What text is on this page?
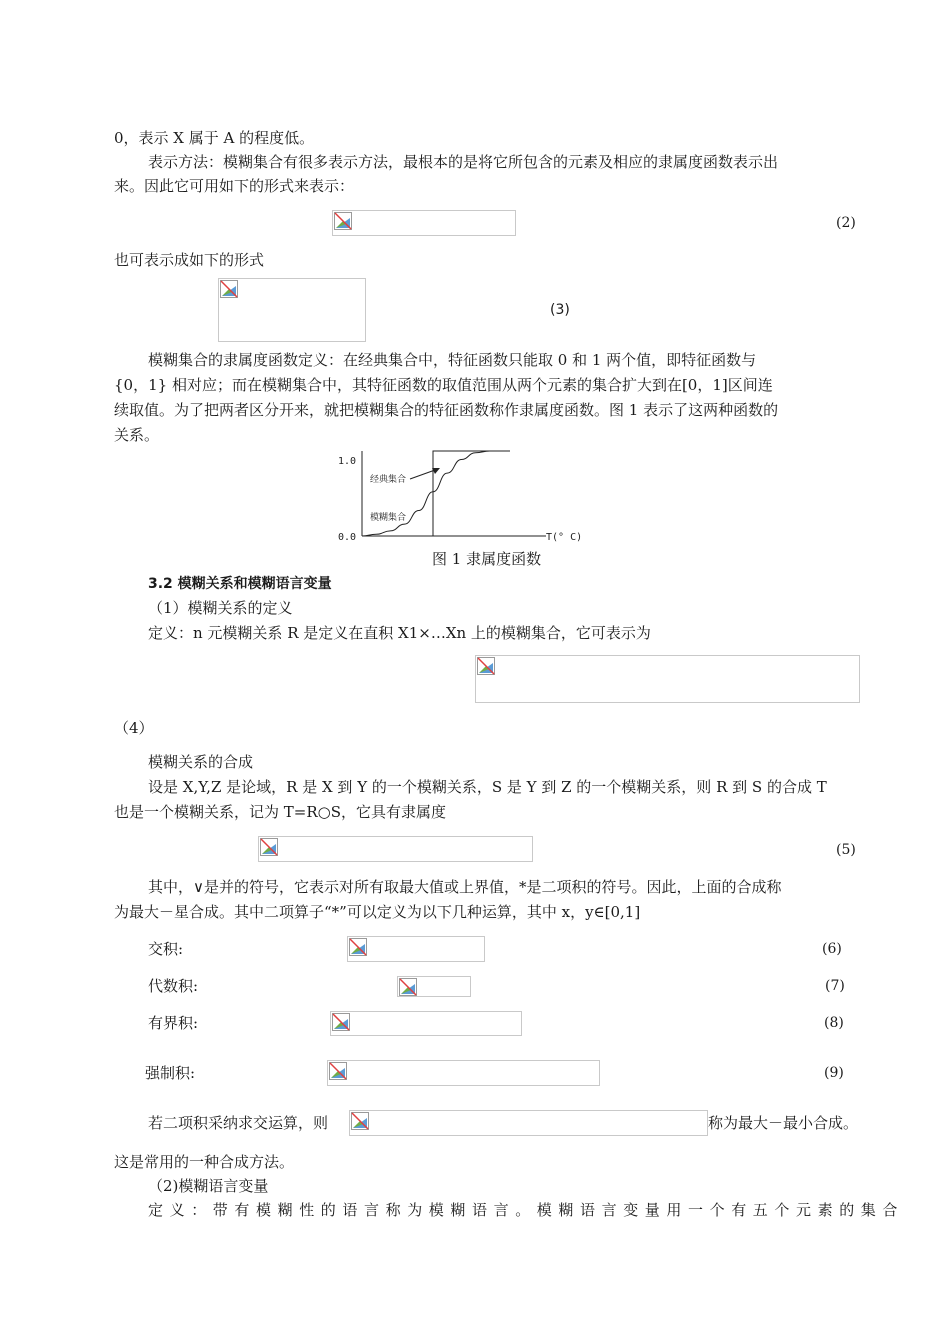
0，表示 X 属于 A 的程度低。
表示方法：模糊集合有很多表示方法，最根本的是将它所包含的元素及相应的隶属度函数表示出
来。因此它可用如下的形式来表示：
(2)
也可表示成如下的形式
(3)
模糊集合的隶属度函数定义：在经典集合中，特征函数只能取 0 和 1 两个值，即特征函数与
{0，1} 相对应；而在模糊集合中，其特征函数的取值范围从两个元素的集合扩大到在[0，1]区间连
续取值。为了把两者区分开来，就把模糊集合的特征函数称作隶属度函数。图 1 表示了这两种函数的
关系。
1.0
0.0	T(° C)
经典集合
模糊集合
图 1 隶属度函数
3.2 模糊关系和模糊语言变量
（1）模糊关系的定义
定义：n 元模糊关系 R 是定义在直积 X1×…Xn 上的模糊集合，它可表示为
（4）
模糊关系的合成
设是 X,Y,Z 是论域，R 是 X 到 Y 的一个模糊关系，S 是 Y 到 Z 的一个模糊关系，则 R 到 S 的合成 T
也是一个模糊关系，记为 T=R○S，它具有隶属度
(5)
其中，∨是并的符号，它表示对所有取最大值或上界值，*是二项积的符号。因此，上面的合成称
为最大－星合成。其中二项算子“*”可以定义为以下几种运算，其中 x，y∈[0,1]
交积:	(6)
代数积:	(7)
有界积:	(8)
强制积:	(9)
若二项积采纳求交运算，则	称为最大－最小合成。
这是常用的一种合成方法。
（2)模糊语言变量
定义：带有模糊性的语言称为模糊语言。模糊语言变量用一个有五个元素的集合
